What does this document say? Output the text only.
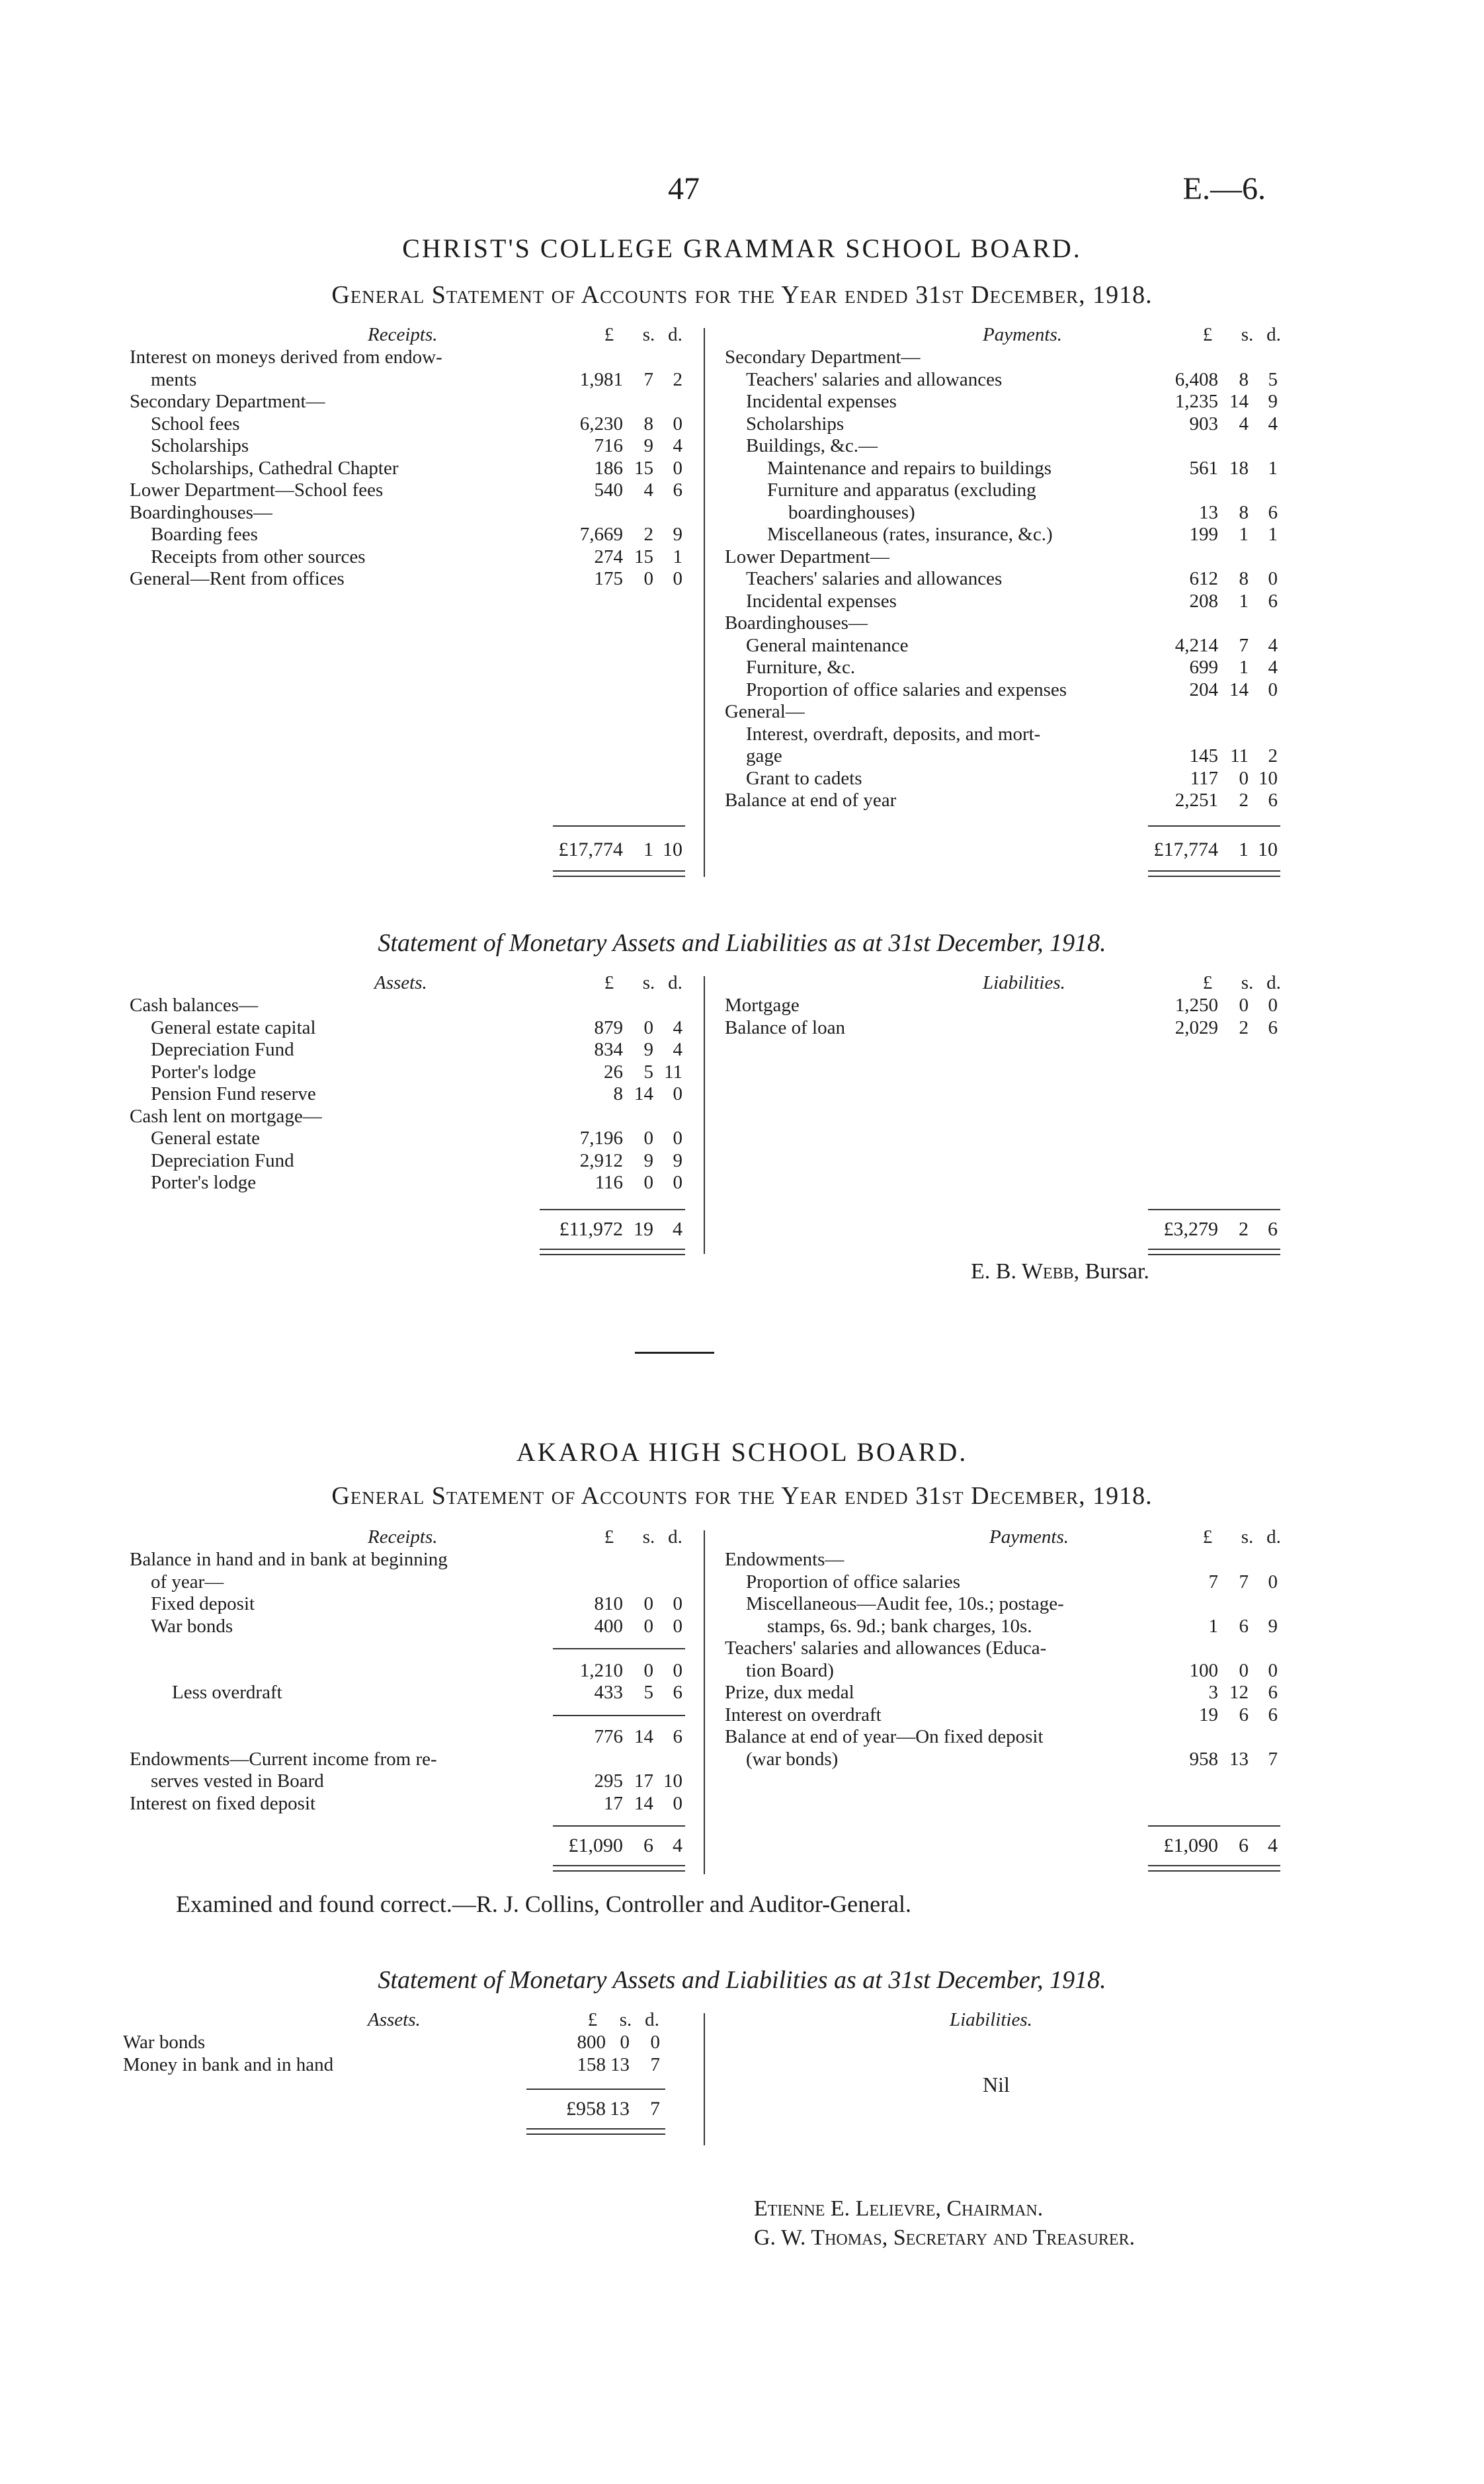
47	E.—6.
CHRIST'S COLLEGE GRAMMAR SCHOOL BOARD.
General Statement of Accounts for the Year ended 31st December, 1918.
Receipts.	£	s. d.
Interest on moneys derived from endow-
ments	1,981	7	2
Secondary Department—
School fees	6,230	8	0
Scholarships	716	9	4
Scholarships, Cathedral Chapter	186 15	0
Lower Department—School fees	540	4	6
Boardinghouses—
Boarding fees	7,669	2	9
Receipts from other sources	274 15	1
General—Rent from offices	175	0	0
£17,774	1 10
Payments.	£	s. d.
Secondary Department—
Teachers' salaries and allowances	6,408	8	5
Incidental expenses	1,235 14	9
Scholarships	903	4	4
Buildings, &c.—
Maintenance and repairs to buildings	561 18	1
Furniture and apparatus (excluding
boardinghouses)	13	8	6
Miscellaneous (rates, insurance, &c.)	199	1	1
Lower Department—
Teachers' salaries and allowances	612	8	0
Incidental expenses	208	1	6
Boardinghouses—
General maintenance	4,214	7	4
Furniture, &c.	699	1	4
Proportion of office salaries and expenses	204 14	0
General—
Interest, overdraft, deposits, and mort-
gage	145 11	2
Grant to cadets	117	0 10
Balance at end of year	2,251	2	6
£17,774	1 10
Statement of Monetary Assets and Liabilities as at 31st December, 1918.
Assets.	£	s. d.
Cash balances—
General estate capital	879	0	4
Depreciation Fund	834	9	4
Porter's lodge	26	5 11
Pension Fund reserve	8 14	0
Cash lent on mortgage—
General estate	7,196	0	0
Depreciation Fund	2,912	9	9
Porter's lodge	116	0	0
£11,972 19 4
Liabilities.	£	s. d.
Mortgage	1,250	0	0
Balance of loan	2,029	2	6
£3,279	2 6
E. B. Webb, Bursar.
AKAROA HIGH SCHOOL BOARD.
General Statement of Accounts for the Year ended 31st December, 1918.
Receipts.	£	s. d.
Balance in hand and in bank at beginning
of year—
Fixed deposit	810	0	0
War bonds	400	0	0
1,210	0	0
Less overdraft	433	5	6
776 14	6
Endowments—Current income from re-
serves vested in Board	295 17 10
Interest on fixed deposit	17 14	0
£1,090	6 4
Payments.	£	s. d.
Endowments—
Proportion of office salaries	7	7	0
Miscellaneous—Audit fee, 10s.; postage-
stamps, 6s. 9d.; bank charges, 10s.	1	6	9
Teachers' salaries and allowances (Educa-
tion Board)	100	0	0
Prize, dux medal	3 12	6
Interest on overdraft	19	6	6
Balance at end of year—On fixed deposit
(war bonds)	958 13	7
£1,090	6 4
Examined and found correct.—R. J. Collins, Controller and Auditor-General.
Statement of Monetary Assets and Liabilities as at 31st December, 1918.
Assets.	£	s. d.
War bonds	800 0	0
Money in bank and in hand	158 13	7
£958 13	7
Liabilities.
Nil
Etienne E. Lelievre, Chairman.
G. W. Thomas, Secretary and Treasurer.
